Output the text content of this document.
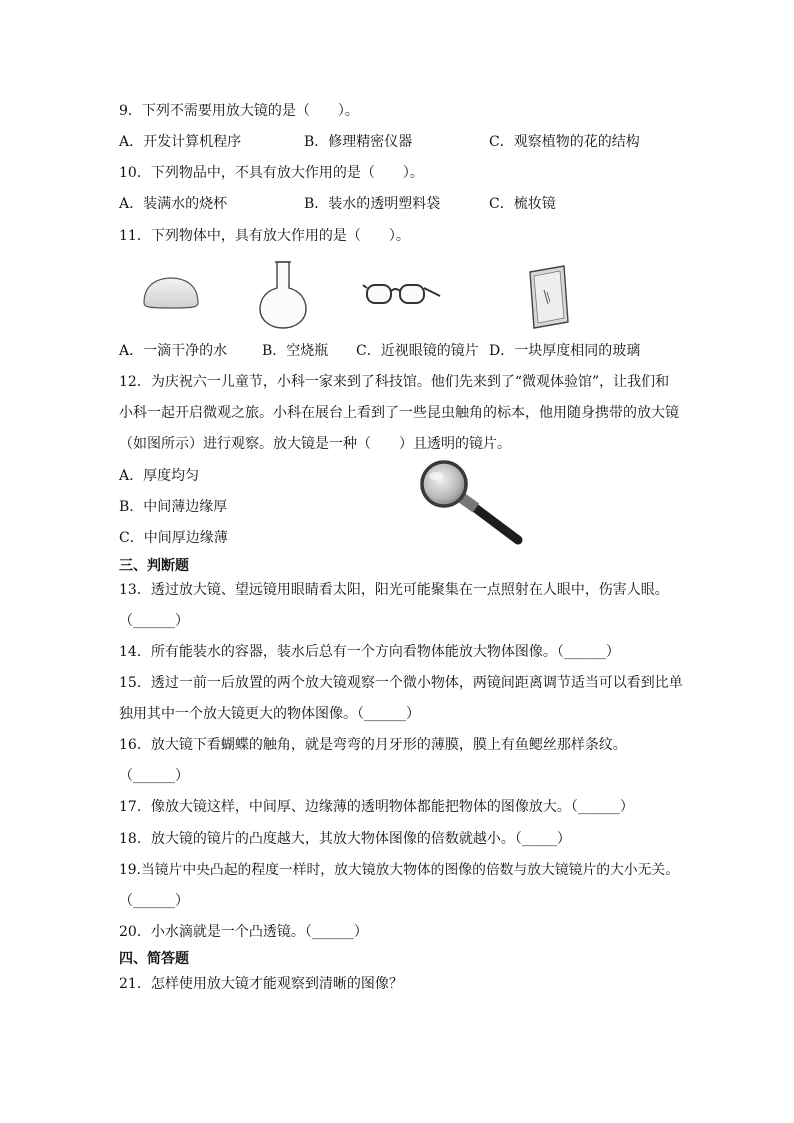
9．下列不需要用放大镜的是（　　）。
A．开发计算机程序	B．修理精密仪器	C．观察植物的花的结构
10．下列物品中，不具有放大作用的是（　　）。
A．装满水的烧杯	B．装水的透明塑料袋	C．梳妆镜
11．下列物体中，具有放大作用的是（　　）。
A．一滴干净的水 B．空烧瓶 C．近视眼镜的镜片 D．一块厚度相同的玻璃
12．为庆祝六一儿童节，小科一家来到了科技馆。他们先来到了“微观体验馆”，让我们和
小科一起开启微观之旅。小科在展台上看到了一些昆虫触角的标本，他用随身携带的放大镜
（如图所示）进行观察。放大镜是一种（　　）且透明的镜片。
A．厚度均匀
B．中间薄边缘厚
C．中间厚边缘薄
三、判断题
13．透过放大镜、望远镜用眼睛看太阳，阳光可能聚集在一点照射在人眼中，伤害人眼。
（______）
14．所有能装水的容器，装水后总有一个方向看物体能放大物体图像。（______）
15．透过一前一后放置的两个放大镜观察一个微小物体，两镜间距离调节适当可以看到比单
独用其中一个放大镜更大的物体图像。（______）
16．放大镜下看蝴蝶的触角，就是弯弯的月牙形的薄膜，膜上有鱼鳃丝那样条纹。
（______）
17．像放大镜这样，中间厚、边缘薄的透明物体都能把物体的图像放大。（______）
18．放大镜的镜片的凸度越大，其放大物体图像的倍数就越小。（_____）
19.当镜片中央凸起的程度一样时，放大镜放大物体的图像的倍数与放大镜镜片的大小无关。
（______）
20．小水滴就是一个凸透镜。（______）
四、简答题
21．怎样使用放大镜才能观察到清晰的图像？
